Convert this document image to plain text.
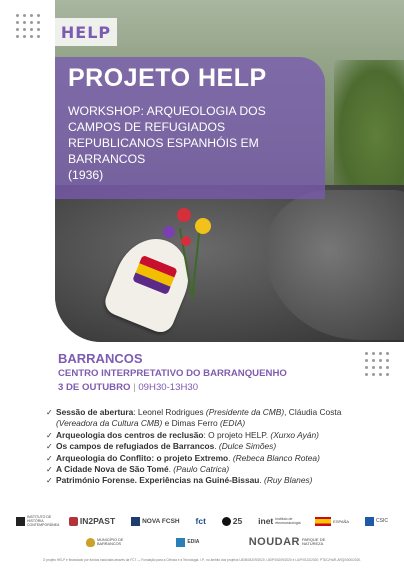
HELP
PROJETO HELP
WORKSHOP: ARQUEOLOGIA DOS CAMPOS DE REFUGIADOS REPUBLICANOS ESPANHÓIS EM BARRANCOS
(1936)
BARRANCOS
CENTRO INTERPRETATIVO DO BARRANQUENHO
3 DE OUTUBRO | 09H30-13H30
✓ Sessão de abertura: Leonel Rodrigues (Presidente da CMB), Cláudia Costa (Vereadora da Cultura CMB) e Dimas Ferro (EDIA)
✓ Arqueologia dos centros de reclusão: O projeto HELP. (Xurxo Ayán)
✓ Os campos de refugiados de Barrancos. (Dulce Simões)
✓ Arqueologia do Conflito: o projeto Extremo. (Rebeca Blanco Rotea)
✓ A Cidade Nova de São Tomé. (Paulo Catrica)
✓ Património Forense. Experiências na Guiné-Bissau. (Ruy Blanes)
INSTITUTO DE HISTÓRIA CONTEMPORÂNEA IN2PAST	NOVA FCSH fct	25 inet Instituto de etnomusicologia	ESPAÑA	CSIC
MUNICÍPIO DE BARRANCOS	EDIA	NOUDAR PARQUE DE NATUREZA
O projeto HELP é financiado por fundos nacionais através da FCT — Fundação para a Ciência e a Tecnologia, I.P., no âmbito dos projetos UIDB/04209/2020, UIDP/04209/2020 e LA/P/0132/2020; PTDC/HAR-ARQ/0000/2020.
